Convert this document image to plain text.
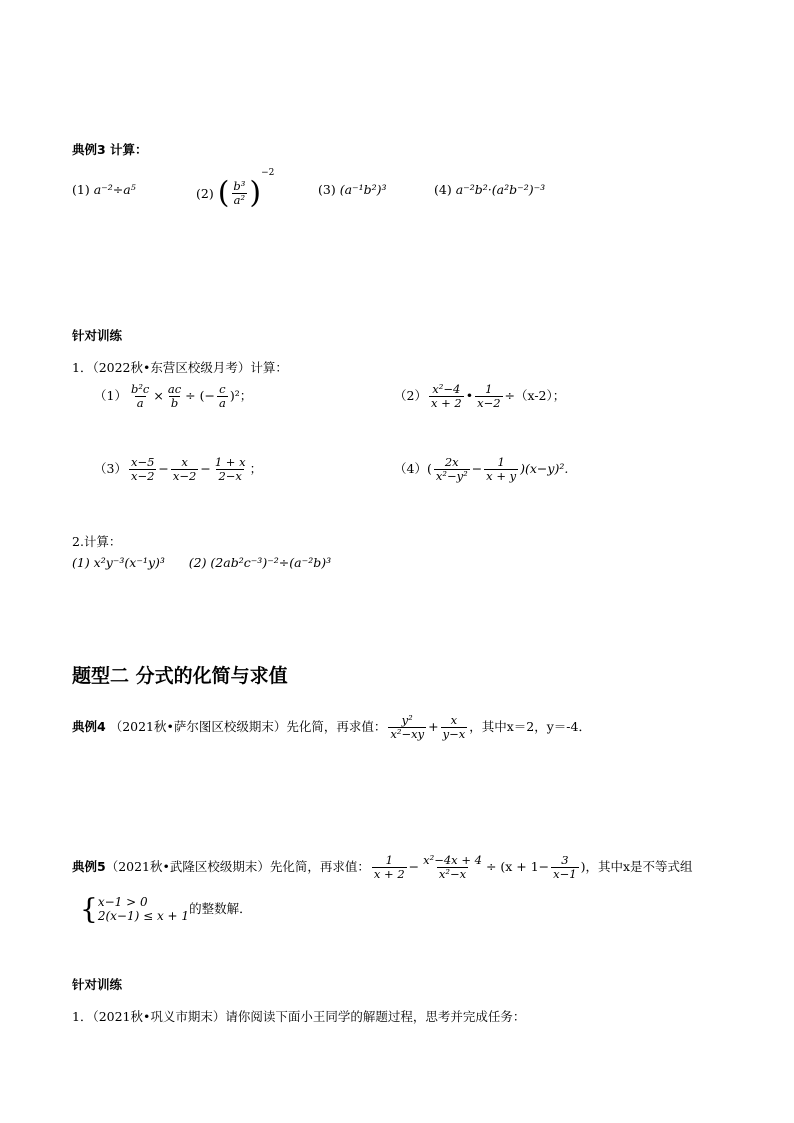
典例3 计算：
(1) a⁻²÷a⁵	(2) ( $\frac{\text{b³}}{\text{a²}} )^{-2}$
(3) (a⁻¹b²)³	(4) a⁻²b²·(a²b⁻²)⁻³
针对训练
1．（2022秋•东营区校级月考）计算：
$(1) \frac{\text{b²c}}{a} \times \frac{ac}{b}$ ÷ (− $\frac{c}{a} )^2$；	$(2) \frac{\text{x²−4}}{x + 2}$ • $\frac{1}{x-2} \div(x-2)$；
$(3) \frac{x-5}{x-2} - \frac{x}{x-2} - \frac{1 + x}{2-x}$ ；	$(4)( \frac{2x}{\text{x²−y²}} - \frac{1}{x + y} )(x-y)^2$.
2.计算：
(1) x²y⁻³(x⁻¹y)³      (2) (2ab²c⁻³)⁻²÷(a⁻²b)³
题型二 分式的化简与求值
典例4 （2021秋•萨尔图区校级期末）先化简，再求值： $\frac{\text{y²}}{\text{x²−xy}} + \frac{x}{y-x}$ ，其中x＝2，y＝-4．
典例5（2021秋•武隆区校级期末）先化简，再求值： $\frac{1}{x + 2} - \frac{\text{x²−4x + 4}}{\text{x²−x}} \div (x + 1- \frac{3}{x-1}$ )，其中x是不等式组
{ x−1 > 0
2(x−1) ≤ x + 1
的整数解．
针对训练
1．（2021秋•巩义市期末）请你阅读下面小王同学的解题过程，思考并完成任务：
